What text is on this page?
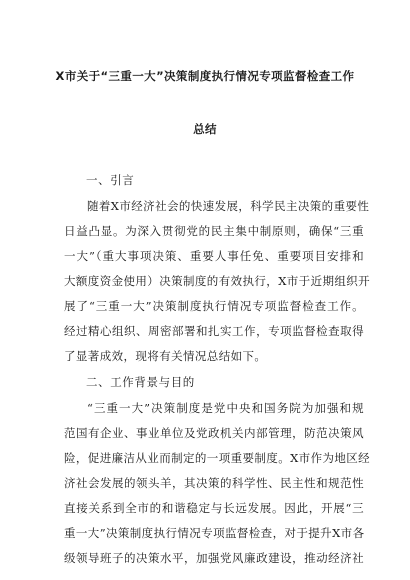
X市关于“三重一大”决策制度执行情况专项监督检查工作
总结
一、引言
随着X市经济社会的快速发展，科学民主决策的重要性
日益凸显。为深入贯彻党的民主集中制原则，确保“三重
一大”（重大事项决策、重要人事任免、重要项目安排和
大额度资金使用）决策制度的有效执行，X市于近期组织开
展了“三重一大”决策制度执行情况专项监督检查工作。
经过精心组织、周密部署和扎实工作，专项监督检查取得
了显著成效，现将有关情况总结如下。
二、工作背景与目的
“三重一大”决策制度是党中央和国务院为加强和规
范国有企业、事业单位及党政机关内部管理，防范决策风
险，促进廉洁从业而制定的一项重要制度。X市作为地区经
济社会发展的领头羊，其决策的科学性、民主性和规范性
直接关系到全市的和谐稳定与长远发展。因此，开展“三
重一大”决策制度执行情况专项监督检查，对于提升X市各
级领导班子的决策水平，加强党风廉政建设，推动经济社
